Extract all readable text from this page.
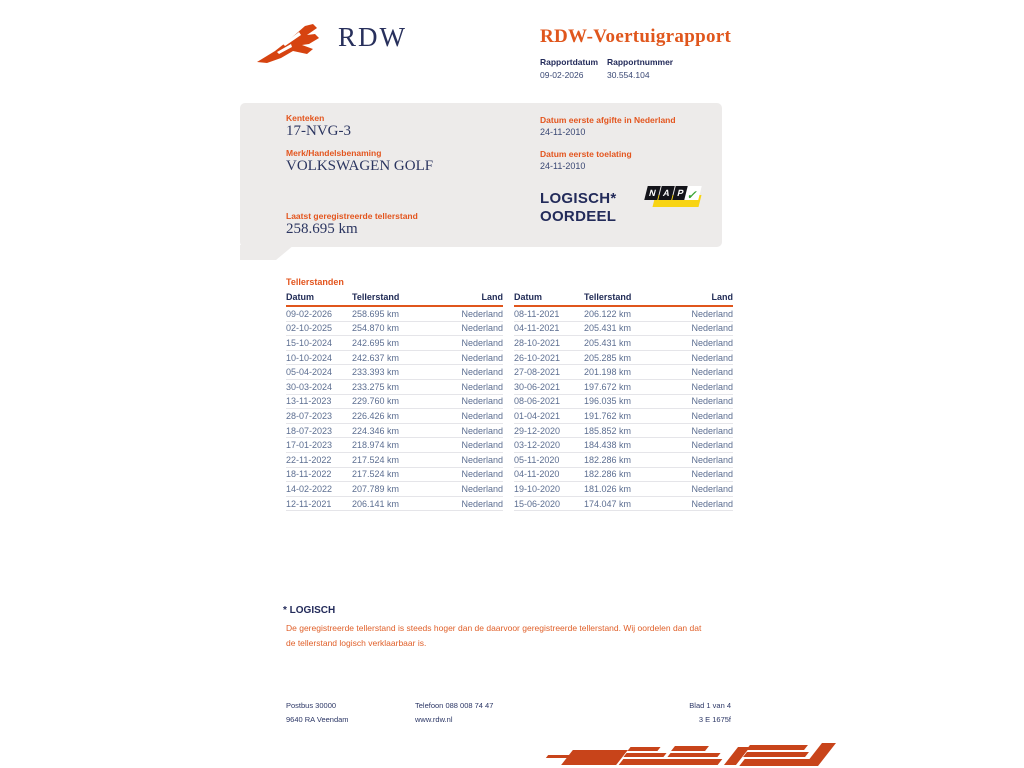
RDW	RDW-Voertuigrapport
Rapportdatum Rapportnummer
09-02-2026	30.554.104
Kenteken
17-NVG-3
Merk/Handelsbenaming
VOLKSWAGEN GOLF
Laatst geregistreerde tellerstand
258.695 km
Datum eerste afgifte in Nederland
24-11-2010
Datum eerste toelating
24-11-2010
LOGISCH*
OORDEEL
N A P ✓
Tellerstanden
Datum	Tellerstand	Land
09-02-2026	258.695 km	Nederland
02-10-2025	254.870 km	Nederland
15-10-2024	242.695 km	Nederland
10-10-2024	242.637 km	Nederland
05-04-2024	233.393 km	Nederland
30-03-2024	233.275 km	Nederland
13-11-2023	229.760 km	Nederland
28-07-2023	226.426 km	Nederland
18-07-2023	224.346 km	Nederland
17-01-2023	218.974 km	Nederland
22-11-2022	217.524 km	Nederland
18-11-2022	217.524 km	Nederland
14-02-2022	207.789 km	Nederland
12-11-2021	206.141 km	Nederland
Datum	Tellerstand	Land
08-11-2021	206.122 km	Nederland
04-11-2021	205.431 km	Nederland
28-10-2021	205.431 km	Nederland
26-10-2021	205.285 km	Nederland
27-08-2021	201.198 km	Nederland
30-06-2021	197.672 km	Nederland
08-06-2021	196.035 km	Nederland
01-04-2021	191.762 km	Nederland
29-12-2020	185.852 km	Nederland
03-12-2020	184.438 km	Nederland
05-11-2020	182.286 km	Nederland
04-11-2020	182.286 km	Nederland
19-10-2020	181.026 km	Nederland
15-06-2020	174.047 km	Nederland
* LOGISCH
De geregistreerde tellerstand is steeds hoger dan de daarvoor geregistreerde tellerstand. Wij oordelen dan dat de tellerstand logisch verklaarbaar is.
Postbus 30000
9640 RA Veendam
Telefoon 088 008 74 47
www.rdw.nl
Blad 1 van 4
3 E 1675f
